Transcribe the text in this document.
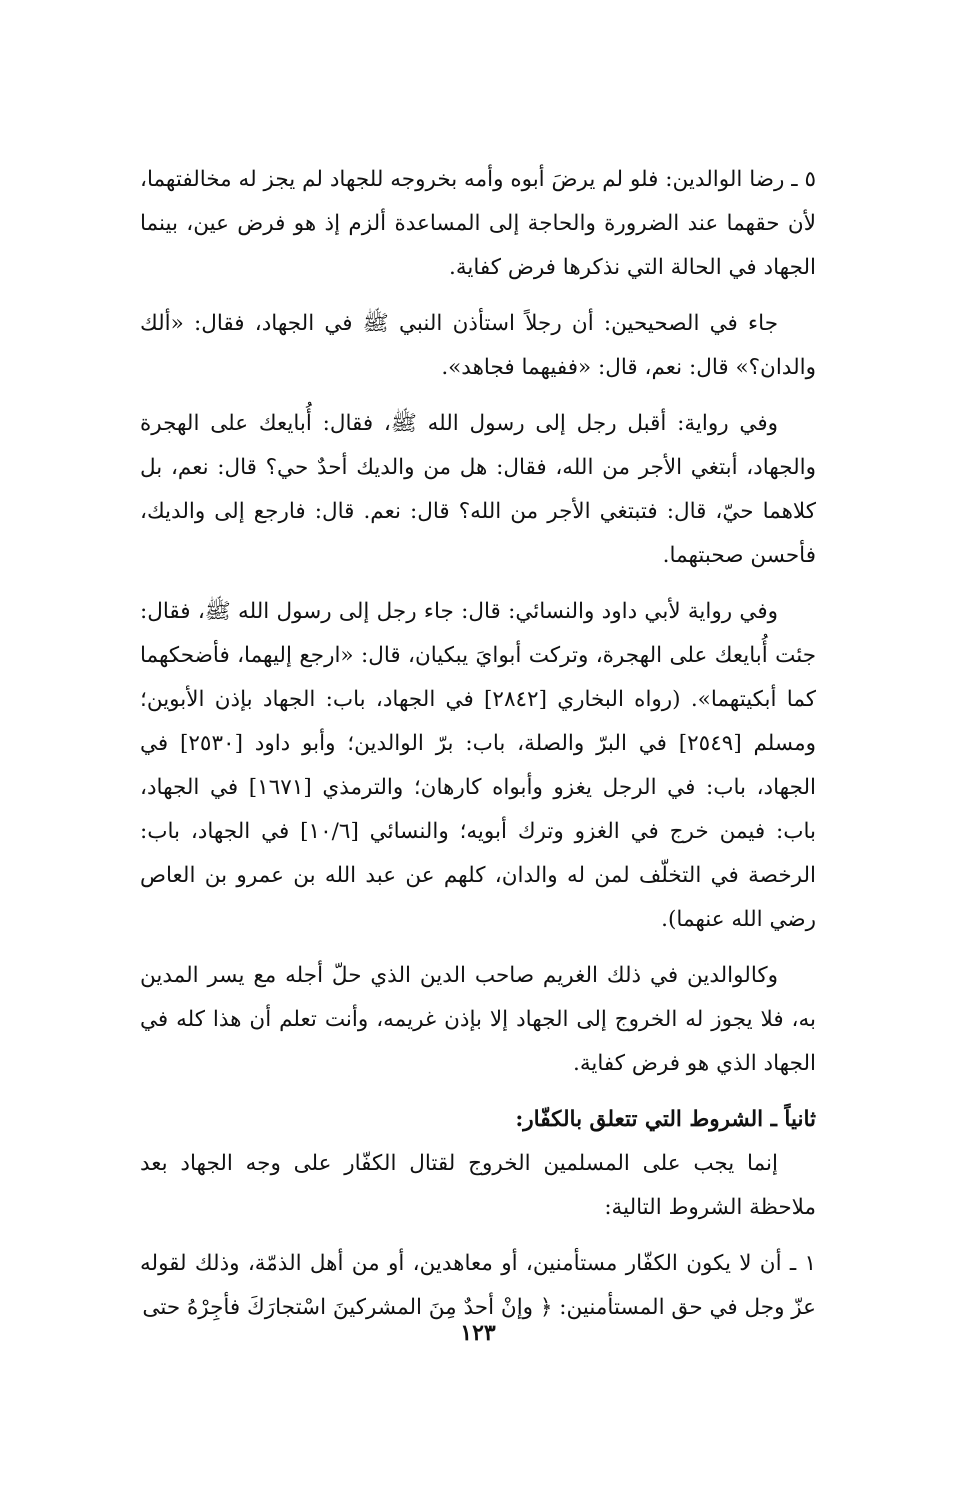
٥ ـ رضا الوالدين: فلو لم يرضَ أبوه وأمه بخروجه للجهاد لم يجز له مخالفتهما، لأن حقهما عند الضرورة والحاجة إلى المساعدة ألزم إذ هو فرض عين، بينما الجهاد في الحالة التي نذكرها فرض كفاية.

جاء في الصحيحين: أن رجلاً استأذن النبي ﷺ في الجهاد، فقال: «ألك والدان؟» قال: نعم، قال: «ففيهما فجاهد».

وفي رواية: أقبل رجل إلى رسول الله ﷺ، فقال: أُبايعك على الهجرة والجهاد، أبتغي الأجر من الله، فقال: هل من والديك أحدٌ حي؟ قال: نعم، بل كلاهما حيّ، قال: فتبتغي الأجر من الله؟ قال: نعم. قال: فارجع إلى والديك، فأحسن صحبتهما.

وفي رواية لأبي داود والنسائي: قال: جاء رجل إلى رسول الله ﷺ، فقال: جئت أُبايعك على الهجرة، وتركت أبوايَ يبكيان، قال: «ارجع إليهما، فأضحكهما كما أبكيتهما». (رواه البخاري [٢٨٤٢] في الجهاد، باب: الجهاد بإذن الأبوين؛ ومسلم [٢٥٤٩] في البرّ والصلة، باب: برّ الوالدين؛ وأبو داود [٢٥٣٠] في الجهاد، باب: في الرجل يغزو وأبواه كارهان؛ والترمذي [١٦٧١] في الجهاد، باب: فيمن خرج في الغزو وترك أبويه؛ والنسائي [١٠/٦] في الجهاد، باب: الرخصة في التخلّف لمن له والدان، كلهم عن عبد الله بن عمرو بن العاص رضي الله عنهما).

وكالوالدين في ذلك الغريم صاحب الدين الذي حلّ أجله مع يسر المدين به، فلا يجوز له الخروج إلى الجهاد إلا بإذن غريمه، وأنت تعلم أن هذا كله في الجهاد الذي هو فرض كفاية.

ثانياً ـ الشروط التي تتعلق بالكفّار:

إنما يجب على المسلمين الخروج لقتال الكفّار على وجه الجهاد بعد ملاحظة الشروط التالية:

١ ـ أن لا يكون الكفّار مستأمنين، أو معاهدين، أو من أهل الذمّة، وذلك لقوله عزّ وجل في حق المستأمنين: ﴿ وإنْ أحدٌ مِنَ المشركينَ اسْتجارَكَ فأجِرْهُ حتى

١٢٣
